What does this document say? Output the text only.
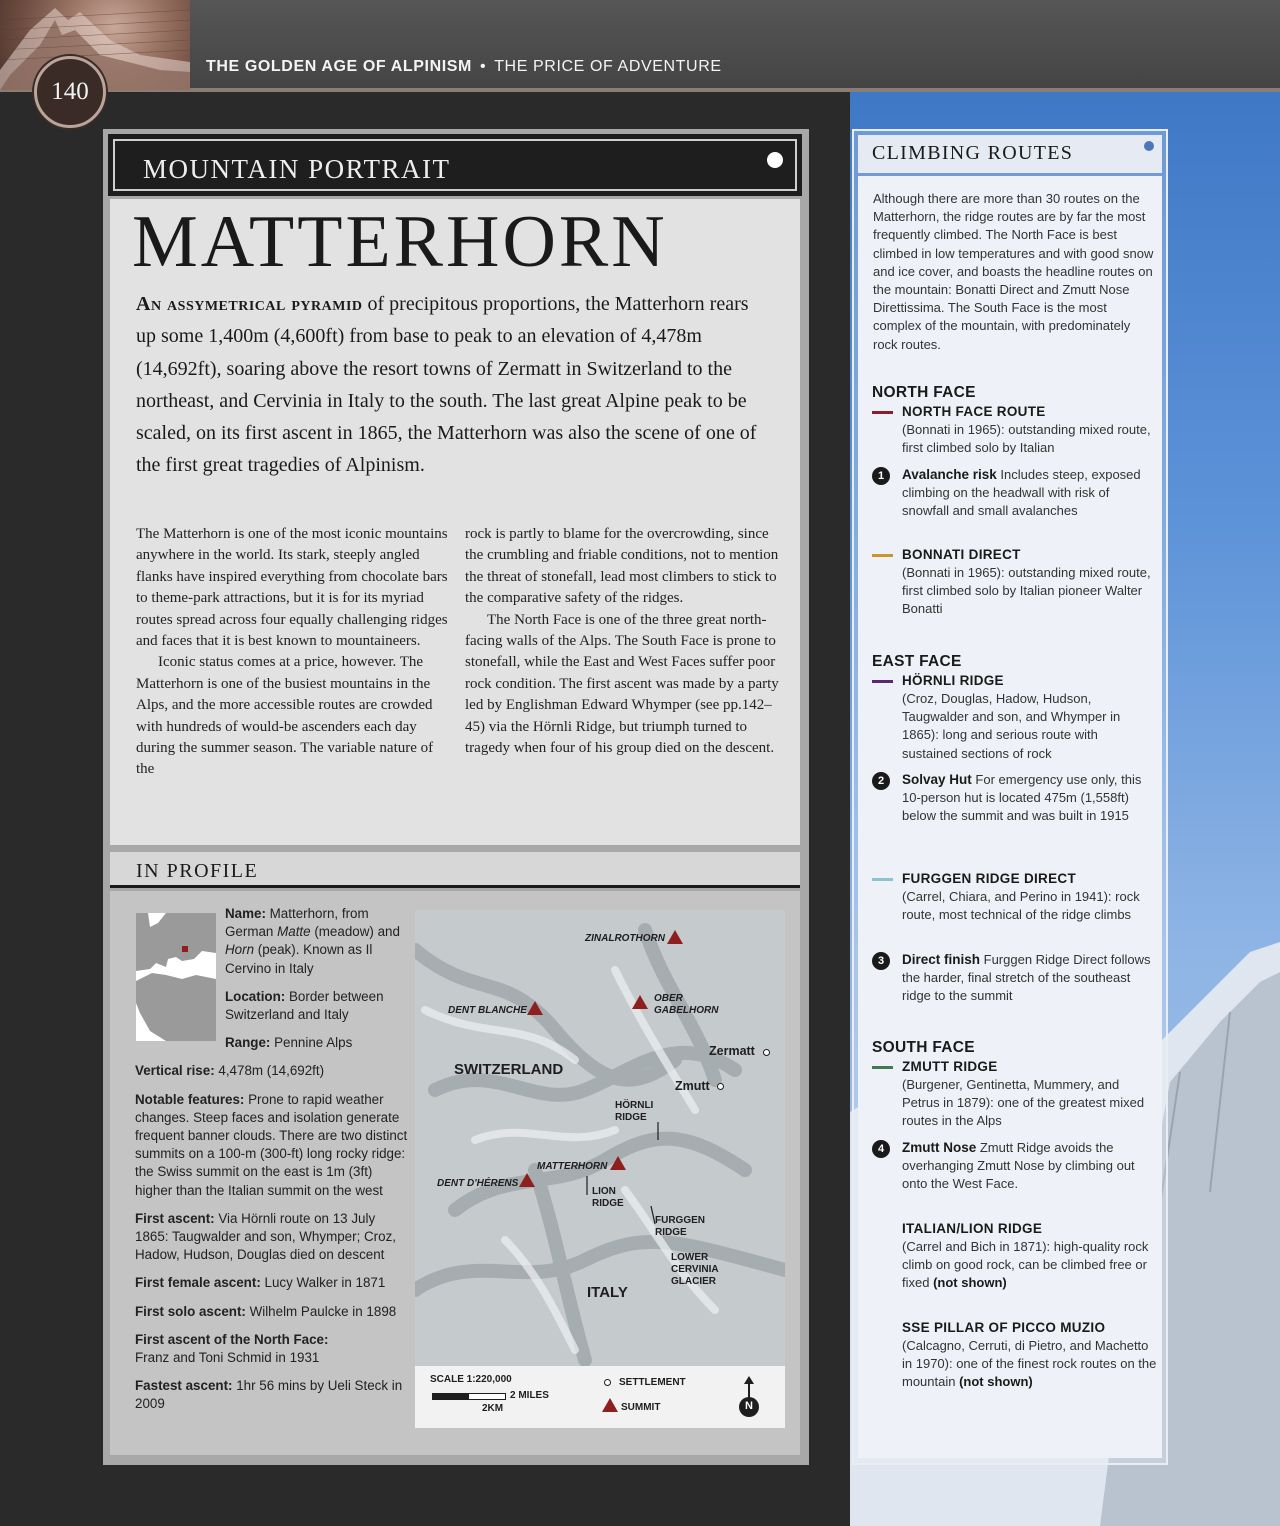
140
THE GOLDEN AGE OF ALPINISM • THE PRICE OF ADVENTURE
MOUNTAIN PORTRAIT
MATTERHORN
An assymetrical pyramid of precipitous proportions, the Matterhorn rears up some 1,400m (4,600ft) from base to peak to an elevation of 4,478m (14,692ft), soaring above the resort towns of Zermatt in Switzerland to the northeast, and Cervinia in Italy to the south. The last great Alpine peak to be scaled, on its first ascent in 1865, the Matterhorn was also the scene of one of the first great tragedies of Alpinism.

The Matterhorn is one of the most iconic mountains anywhere in the world. Its stark, steeply angled flanks have inspired everything from chocolate bars to theme-park attractions, but it is for its myriad routes spread across four equally challenging ridges and faces that it is best known to mountaineers.

Iconic status comes at a price, however. The Matterhorn is one of the busiest mountains in the Alps, and the more accessible routes are crowded with hundreds of would-be ascenders each day during the summer season. The variable nature of the

rock is partly to blame for the overcrowding, since the crumbling and friable conditions, not to mention the threat of stonefall, lead most climbers to stick to the comparative safety of the ridges.

The North Face is one of the three great north-facing walls of the Alps. The South Face is prone to stonefall, while the East and West Faces suffer poor rock condition. The first ascent was made by a party led by Englishman Edward Whymper (see pp.142–45) via the Hörnli Ridge, but triumph turned to tragedy when four of his group died on the descent.

IN PROFILE
Name: Matterhorn, from German Matte (meadow) and Horn (peak). Known as Il Cervino in Italy
Location: Border between Switzerland and Italy
Range: Pennine Alps
Vertical rise: 4,478m (14,692ft)
Notable features: Prone to rapid weather changes. Steep faces and isolation generate frequent banner clouds. There are two distinct summits on a 100-m (300-ft) long rocky ridge: the Swiss summit on the east is 1m (3ft) higher than the Italian summit on the west
First ascent: Via Hörnli route on 13 July 1865: Taugwalder and son, Whymper; Croz, Hadow, Hudson, Douglas died on descent
First female ascent: Lucy Walker in 1871
First solo ascent: Wilhelm Paulcke in 1898
First ascent of the North Face:
Franz and Toni Schmid in 1931
Fastest ascent: 1hr 56 mins by Ueli Steck in 2009
ZINALROTHORN
DENT BLANCHE
OBER GABELHORN
MATTERHORN
DENT D'HÉRENS
SWITZERLAND
ITALY
Zermatt
Zmutt
HÖRNLI RIDGE
LION RIDGE
FURGGEN RIDGE
LOWER CERVINIA GLACIER
SCALE 1:220,000
2 MILES
2KM
SETTLEMENT
SUMMIT	N
CLIMBING ROUTES
Although there are more than 30 routes on the Matterhorn, the ridge routes are by far the most frequently climbed. The North Face is best climbed in low temperatures and with good snow and ice cover, and boasts the headline routes on the mountain: Bonatti Direct and Zmutt Nose Direttissima. The South Face is the most complex of the mountain, with predominately rock routes.
NORTH FACE
NORTH FACE ROUTE
(Bonnati in 1965): outstanding mixed route, first climbed solo by Italian
1	Avalanche risk Includes steep, exposed climbing on the headwall with risk of snowfall and small avalanches
BONNATI DIRECT
(Bonnati in 1965): outstanding mixed route, first climbed solo by Italian pioneer Walter Bonatti
EAST FACE
HÖRNLI RIDGE
(Croz, Douglas, Hadow, Hudson, Taugwalder and son, and Whymper in 1865): long and serious route with sustained sections of rock
2	Solvay Hut For emergency use only, this 10-person hut is located 475m (1,558ft) below the summit and was built in 1915
FURGGEN RIDGE DIRECT
(Carrel, Chiara, and Perino in 1941): rock route, most technical of the ridge climbs
3	Direct finish Furggen Ridge Direct follows the harder, final stretch of the southeast ridge to the summit
SOUTH FACE
ZMUTT RIDGE
(Burgener, Gentinetta, Mummery, and Petrus in 1879): one of the greatest mixed routes in the Alps
4	Zmutt Nose Zmutt Ridge avoids the overhanging Zmutt Nose by climbing out onto the West Face.
ITALIAN/LION RIDGE
(Carrel and Bich in 1871): high-quality rock climb on good rock, can be climbed free or fixed (not shown)
SSE PILLAR OF PICCO MUZIO
(Calcagno, Cerruti, di Pietro, and Machetto in 1970): one of the finest rock routes on the mountain (not shown)
